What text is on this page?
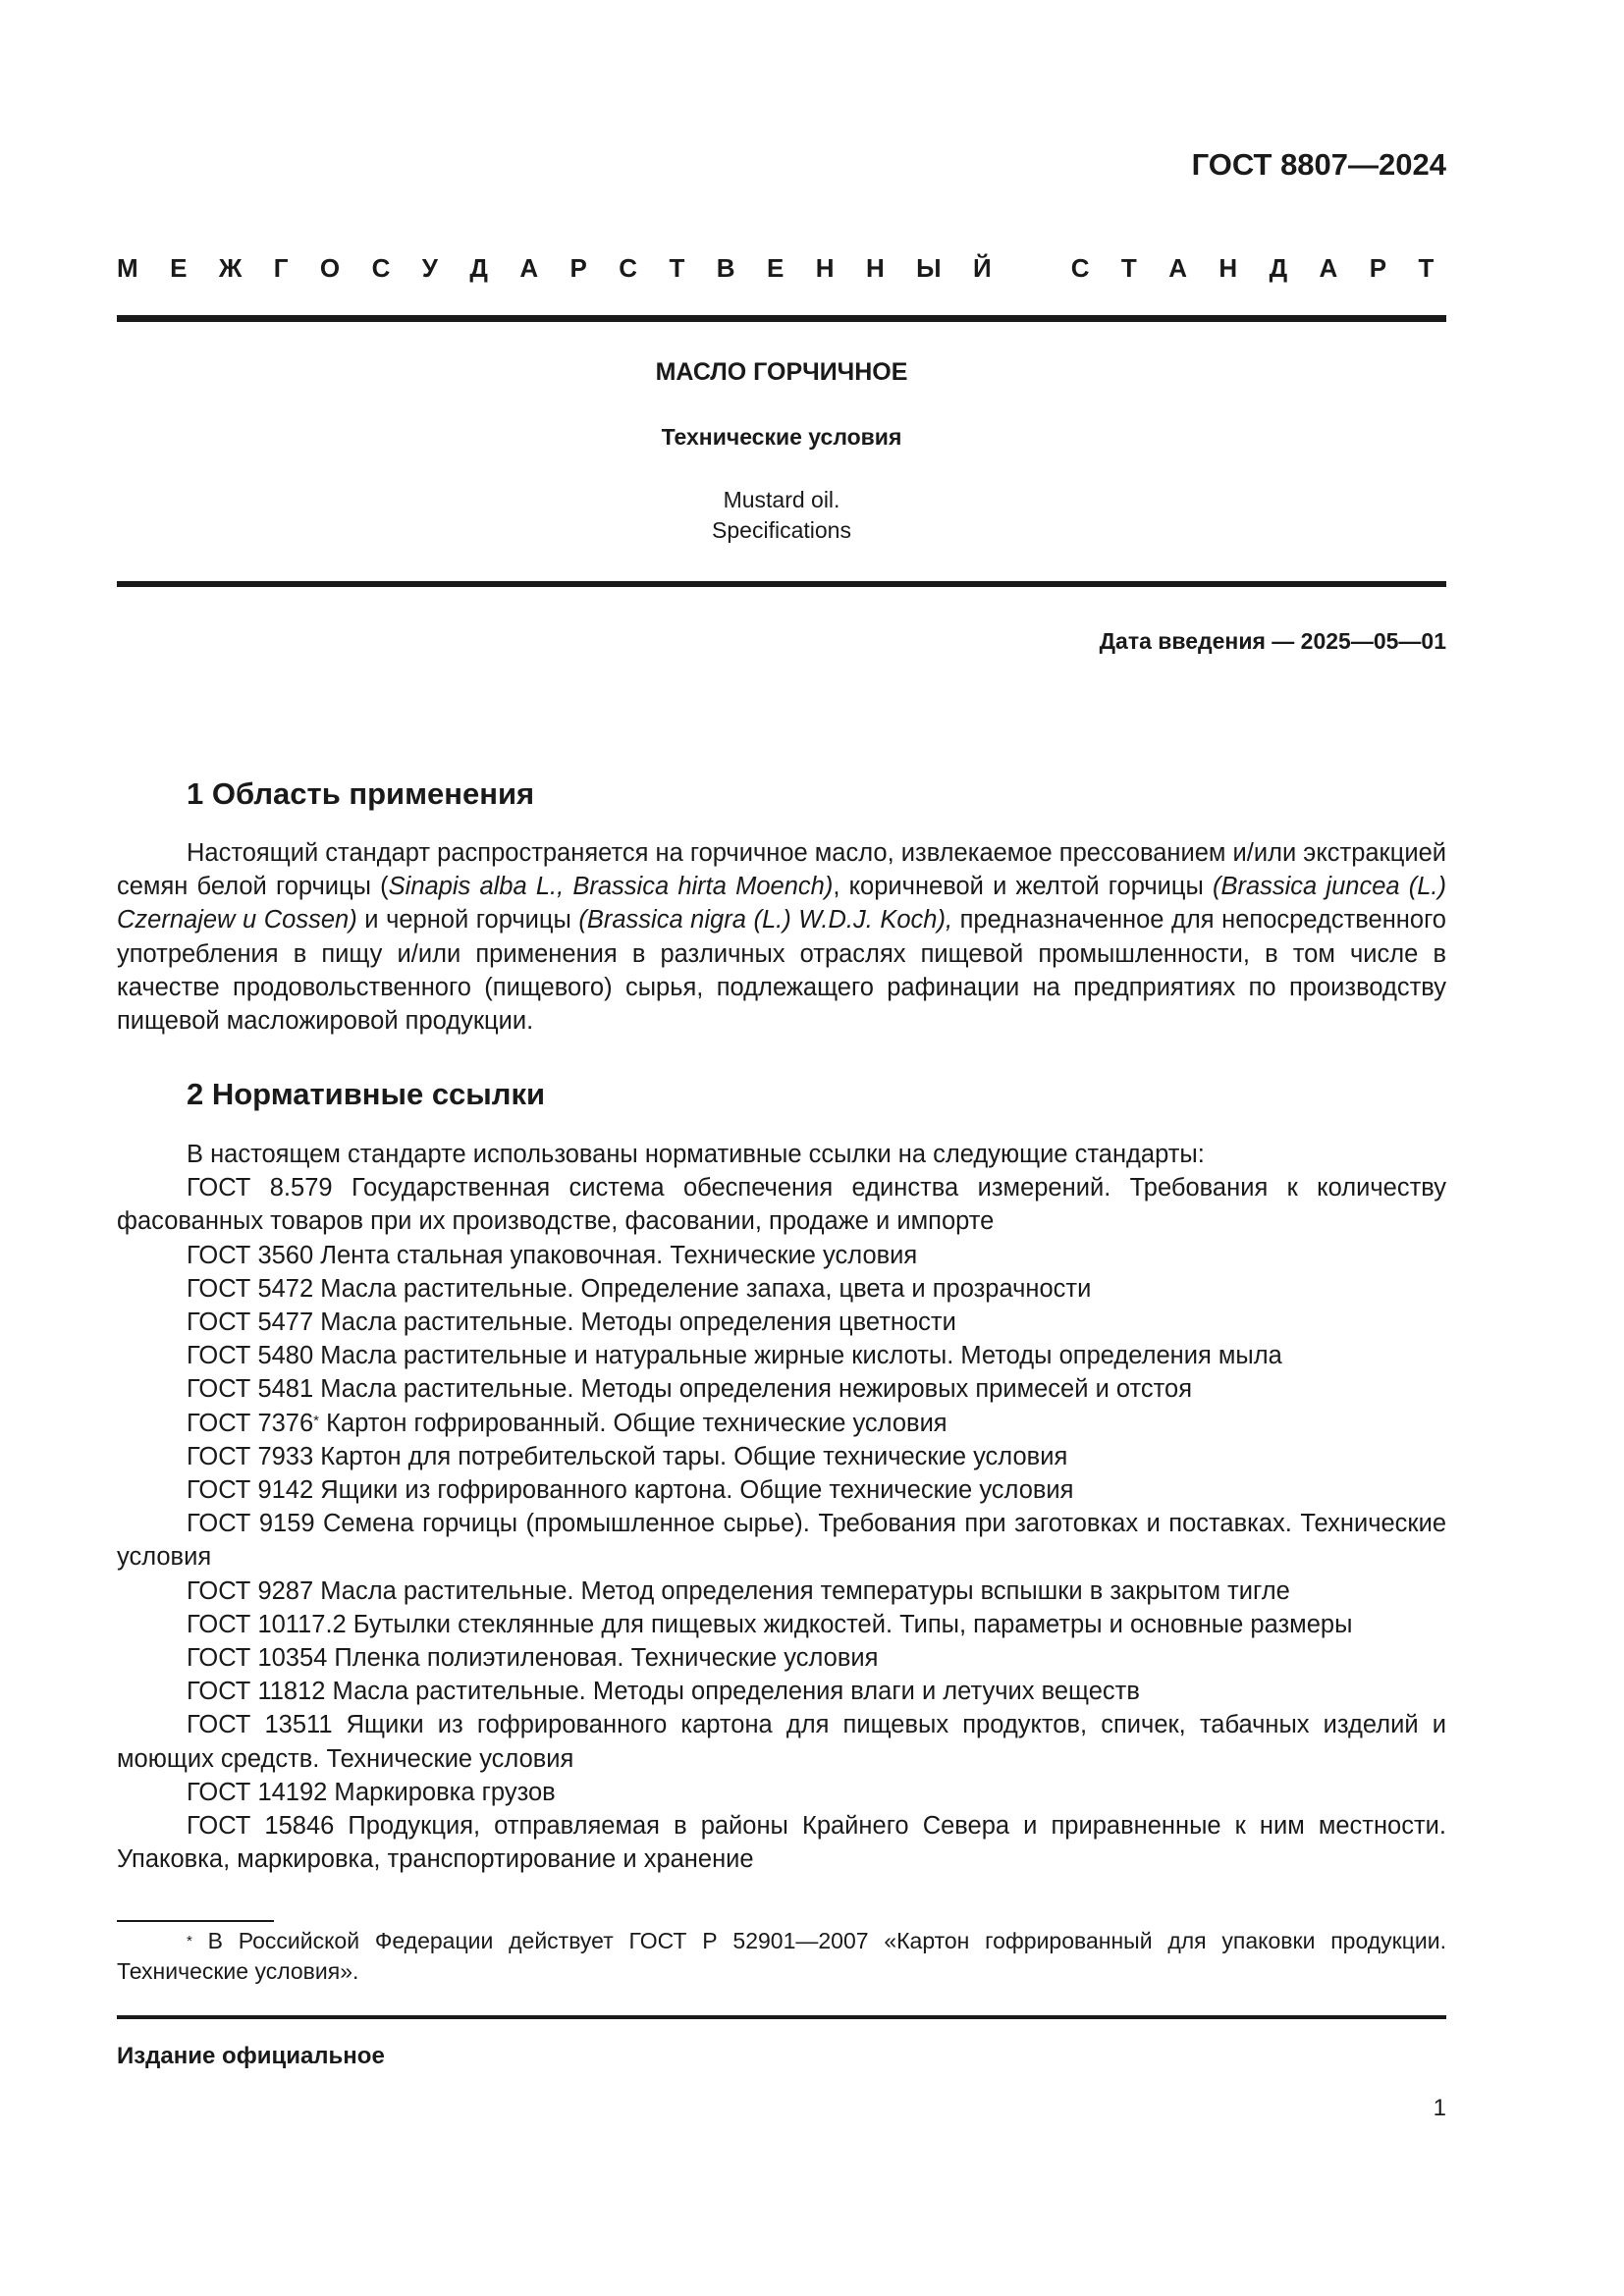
ГОСТ 8807—2024
М Е Ж Г О С У Д А Р С Т В Е Н Н Ы Й	С Т А Н Д А Р Т
МАСЛО ГОРЧИЧНОЕ
Технические условия
Mustard oil.
Specifications
Дата введения — 2025—05—01
1 Область применения

Настоящий стандарт распространяется на горчичное масло, извлекаемое прессованием и/или экстракцией семян белой горчицы (Sinapis alba L., Brassica hirta Moench), коричневой и желтой горчицы (Brassica juncea (L.) Czernajew u Cossen) и черной горчицы (Brassica nigra (L.) W.D.J. Koch), предназначенное для непосредственного употребления в пищу и/или применения в различных отраслях пищевой промышленности, в том числе в качестве продовольственного (пищевого) сырья, подлежащего рафинации на предприятиях по производству пищевой масложировой продукции.

2 Нормативные ссылки

В настоящем стандарте использованы нормативные ссылки на следующие стандарты:

ГОСТ 8.579 Государственная система обеспечения единства измерений. Требования к количеству фасованных товаров при их производстве, фасовании, продаже и импорте

ГОСТ 3560 Лента стальная упаковочная. Технические условия

ГОСТ 5472 Масла растительные. Определение запаха, цвета и прозрачности

ГОСТ 5477 Масла растительные. Методы определения цветности

ГОСТ 5480 Масла растительные и натуральные жирные кислоты. Методы определения мыла

ГОСТ 5481 Масла растительные. Методы определения нежировых примесей и отстоя

ГОСТ 7376* Картон гофрированный. Общие технические условия

ГОСТ 7933 Картон для потребительской тары. Общие технические условия

ГОСТ 9142 Ящики из гофрированного картона. Общие технические условия

ГОСТ 9159 Семена горчицы (промышленное сырье). Требования при заготовках и поставках. Технические условия

ГОСТ 9287 Масла растительные. Метод определения температуры вспышки в закрытом тигле

ГОСТ 10117.2 Бутылки стеклянные для пищевых жидкостей. Типы, параметры и основные размеры

ГОСТ 10354 Пленка полиэтиленовая. Технические условия

ГОСТ 11812 Масла растительные. Методы определения влаги и летучих веществ

ГОСТ 13511 Ящики из гофрированного картона для пищевых продуктов, спичек, табачных изделий и моющих средств. Технические условия

ГОСТ 14192 Маркировка грузов

ГОСТ 15846 Продукция, отправляемая в районы Крайнего Севера и приравненные к ним местности. Упаковка, маркировка, транспортирование и хранение

* В Российской Федерации действует ГОСТ Р 52901—2007 «Картон гофрированный для упаковки продукции. Технические условия».

Издание официальное
1
